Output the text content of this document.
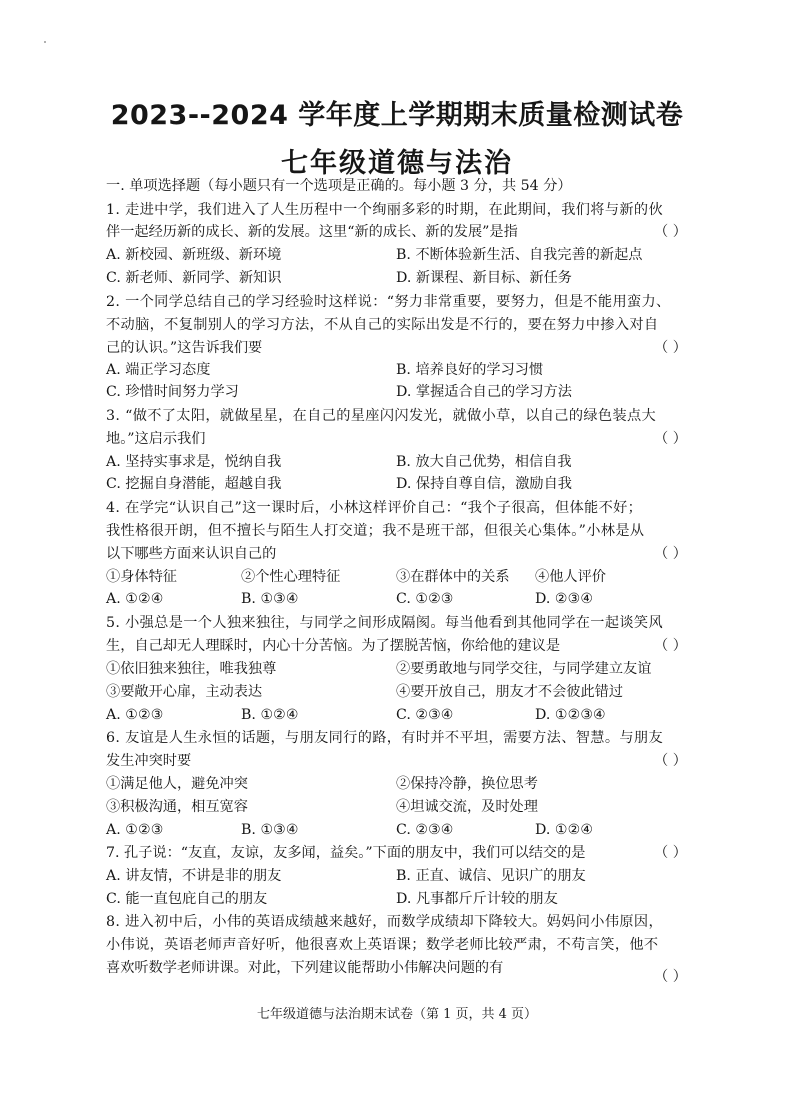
2023--2024 学年度上学期期末质量检测试卷
七年级道德与法治
一. 单项选择题（每小题只有一个选项是正确的。每小题 3 分，共 54 分）
1. 走进中学，我们进入了人生历程中一个绚丽多彩的时期，在此期间，我们将与新的伙
伴一起经历新的成长、新的发展。这里“新的成长、新的发展”是指	（ ）
A. 新校园、新班级、新环境	B. 不断体验新生活、自我完善的新起点
C. 新老师、新同学、新知识	D. 新课程、新目标、新任务
2. 一个同学总结自己的学习经验时这样说：“努力非常重要，要努力，但是不能用蛮力、
不动脑，不复制别人的学习方法，不从自己的实际出发是不行的，要在努力中掺入对自
己的认识。”这告诉我们要	（ ）
A. 端正学习态度	B. 培养良好的学习习惯
C. 珍惜时间努力学习	D. 掌握适合自己的学习方法
3. “做不了太阳，就做星星，在自己的星座闪闪发光，就做小草，以自己的绿色装点大
地。”这启示我们	（ ）
A. 坚持实事求是，悦纳自我	B. 放大自己优势，相信自我
C. 挖掘自身潜能，超越自我	D. 保持自尊自信，激励自我
4. 在学完“认识自己”这一课时后，小林这样评价自己：“我个子很高，但体能不好；
我性格很开朗，但不擅长与陌生人打交道；我不是班干部，但很关心集体。”小林是从
以下哪些方面来认识自己的	（ ）
①身体特征	②个性心理特征	③在群体中的关系 ④他人评价
A. ①②④	B. ①③④	C. ①②③	D. ②③④
5. 小强总是一个人独来独往，与同学之间形成隔阂。每当他看到其他同学在一起谈笑风
生，自己却无人理睬时，内心十分苦恼。为了摆脱苦恼，你给他的建议是	（ ）
①依旧独来独往，唯我独尊	②要勇敢地与同学交往，与同学建立友谊
③要敞开心扉，主动表达	④要开放自己，朋友才不会彼此错过
A. ①②③	B. ①②④	C. ②③④	D. ①②③④
6. 友谊是人生永恒的话题，与朋友同行的路，有时并不平坦，需要方法、智慧。与朋友
发生冲突时要	（ ）
①满足他人，避免冲突	②保持冷静，换位思考
③积极沟通，相互宽容	④坦诚交流，及时处理
A. ①②③	B. ①③④	C. ②③④	D. ①②④
7. 孔子说：“友直，友谅，友多闻，益矣。”下面的朋友中，我们可以结交的是	（ ）
A. 讲友情，不讲是非的朋友	B. 正直、诚信、见识广的朋友
C. 能一直包庇自己的朋友	D. 凡事都斤斤计较的朋友
8. 进入初中后，小伟的英语成绩越来越好，而数学成绩却下降较大。妈妈问小伟原因，
小伟说，英语老师声音好听，他很喜欢上英语课；数学老师比较严肃，不苟言笑，他不
喜欢听数学老师讲课。对此，下列建议能帮助小伟解决问题的有
（ ）
七年级道德与法治期末试卷（第 1 页，共 4 页）
